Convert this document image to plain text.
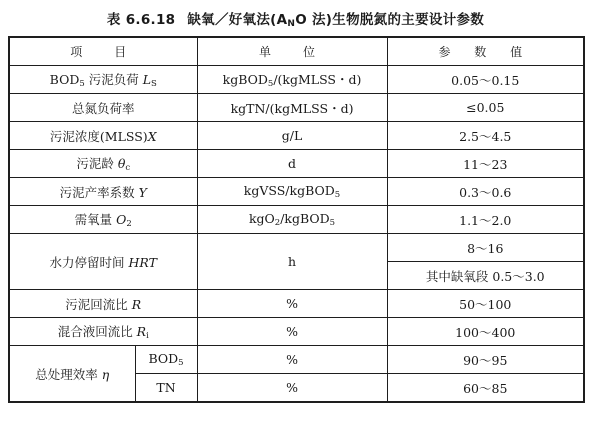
表 6.6.18 缺氧／好氧法($A_NO$ 法)生物脱氮的主要设计参数
项　目		单　位	参 数 值
$BOD_5$ 污泥负荷 $L_S$		kgBOD$_5$/(kgMLSS・d)	0.05～0.15
总氮负荷率		kgTN/(kgMLSS・d)	≤0.05
污泥浓度(MLSS)X		g/L	2.5～4.5
污泥龄 $\theta_c$		d	11～23
污泥产率系数 Y		kgVSS/kgBOD$_5$	0.3～0.6
需氧量 $O_2$		kgO$_2$/kgBOD$_5$	1.1～2.0
水力停留时间 HRT		h	8～16
			其中缺氧段 0.5～3.0
污泥回流比 R		%	50～100
混合液回流比 $R_i$		%	100～400
总处理效率 η	$BOD_5$	%	90～95
	TN	%	60～85
